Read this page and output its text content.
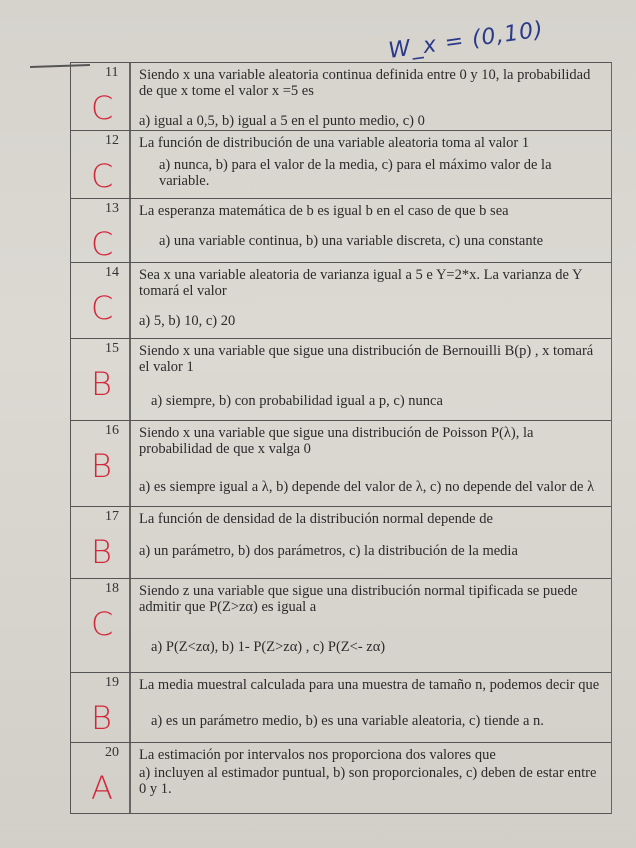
W_x = (0,10)
11
C
Siendo x una variable aleatoria continua definida entre 0 y 10, la probabilidad de que x tome el valor x =5 es
a) igual a 0,5, b) igual a 5 en el punto medio, c) 0
12
C
La función de distribución de una variable aleatoria toma al valor 1
a) nunca, b) para el valor de la media, c) para el máximo valor de la variable.
13
C
La esperanza matemática de b es igual b en el caso de que b sea
a) una variable continua, b) una variable discreta, c) una constante
14
C
Sea x una variable aleatoria de varianza igual a 5 e Y=2*x. La varianza de Y tomará el valor
a) 5, b) 10, c) 20
15
B
Siendo x una variable que sigue una distribución de Bernouilli B(p) , x tomará el valor 1
a) siempre, b) con probabilidad igual a p, c) nunca
16
B
Siendo x una variable que sigue una distribución de Poisson P(λ), la probabilidad de que x valga 0
a) es siempre igual a λ, b) depende del valor de λ, c) no depende del valor de λ
17
B
La función de densidad de la distribución normal depende de
a) un parámetro, b) dos parámetros, c) la distribución de la media
18
C
Siendo z una variable que sigue una distribución normal tipificada se puede admitir que P(Z>zα) es igual a
a) P(Z<zα), b) 1- P(Z>zα) , c) P(Z<- zα)
19
B
La media muestral calculada para una muestra de tamaño n, podemos decir que
a) es un parámetro medio, b) es una variable aleatoria, c) tiende a n.
20
A
La estimación por intervalos nos proporciona dos valores que
a) incluyen al estimador puntual, b) son proporcionales, c) deben de estar entre 0 y 1.
